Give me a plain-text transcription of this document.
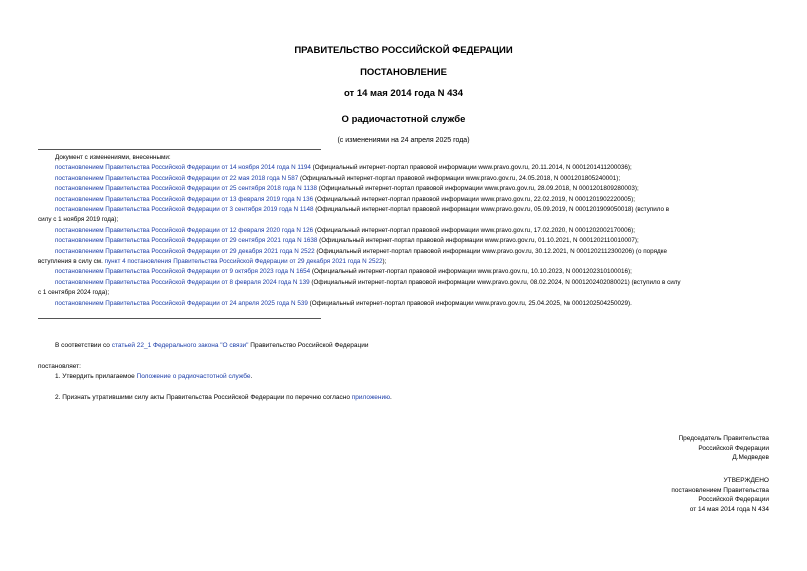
ПРАВИТЕЛЬСТВО РОССИЙСКОЙ ФЕДЕРАЦИИ
ПОСТАНОВЛЕНИЕ
от 14 мая 2014 года N 434
О радиочастотной службе
(с изменениями на 24 апреля 2025 года)
Документ с изменениями, внесенными:
постановлением Правительства Российской Федерации от 14 ноября 2014 года N 1194 (Официальный интернет-портал правовой информации www.pravo.gov.ru, 20.11.2014, N 0001201411200036);
постановлением Правительства Российской Федерации от 22 мая 2018 года N 587 (Официальный интернет-портал правовой информации www.pravo.gov.ru, 24.05.2018, N 0001201805240001);
постановлением Правительства Российской Федерации от 25 сентября 2018 года N 1138 (Официальный интернет-портал правовой информации www.pravo.gov.ru, 28.09.2018, N 0001201809280003);
постановлением Правительства Российской Федерации от 13 февраля 2019 года N 136 (Официальный интернет-портал правовой информации www.pravo.gov.ru, 22.02.2019, N 0001201902220005);
постановлением Правительства Российской Федерации от 3 сентября 2019 года N 1148 (Официальный интернет-портал правовой информации www.pravo.gov.ru, 05.09.2019, N 0001201909050018) (вступило в
силу с 1 ноября 2019 года);
постановлением Правительства Российской Федерации от 12 февраля 2020 года N 126 (Официальный интернет-портал правовой информации www.pravo.gov.ru, 17.02.2020, N 0001202002170006);
постановлением Правительства Российской Федерации от 29 сентября 2021 года N 1638 (Официальный интернет-портал правовой информации www.pravo.gov.ru, 01.10.2021, N 0001202110010007);
постановлением Правительства Российской Федерации от 29 декабря 2021 года N 2522 (Официальный интернет-портал правовой информации www.pravo.gov.ru, 30.12.2021, N 0001202112300206) (о порядке
вступления в силу см. пункт 4 постановления Правительства Российской Федерации от 29 декабря 2021 года N 2522);
постановлением Правительства Российской Федерации от 9 октября 2023 года N 1654 (Официальный интернет-портал правовой информации www.pravo.gov.ru, 10.10.2023, N 0001202310100016);
постановлением Правительства Российской Федерации от 8 февраля 2024 года N 139 (Официальный интернет-портал правовой информации www.pravo.gov.ru, 08.02.2024, N 0001202402080021) (вступило в силу
с 1 сентября 2024 года);
постановлением Правительства Российской Федерации от 24 апреля 2025 года N 539 (Официальный интернет-портал правовой информации www.pravo.gov.ru, 25.04.2025, № 0001202504250029).
В соответствии со статьей 22_1 Федерального закона "О связи" Правительство Российской Федерации
постановляет:
1. Утвердить прилагаемое Положение о радиочастотной службе.
2. Признать утратившими силу акты Правительства Российской Федерации по перечню согласно приложению.
Председатель Правительства
Российской Федерации
Д.Медведев
УТВЕРЖДЕНО
постановлением Правительства
Российской Федерации
от 14 мая 2014 года N 434
